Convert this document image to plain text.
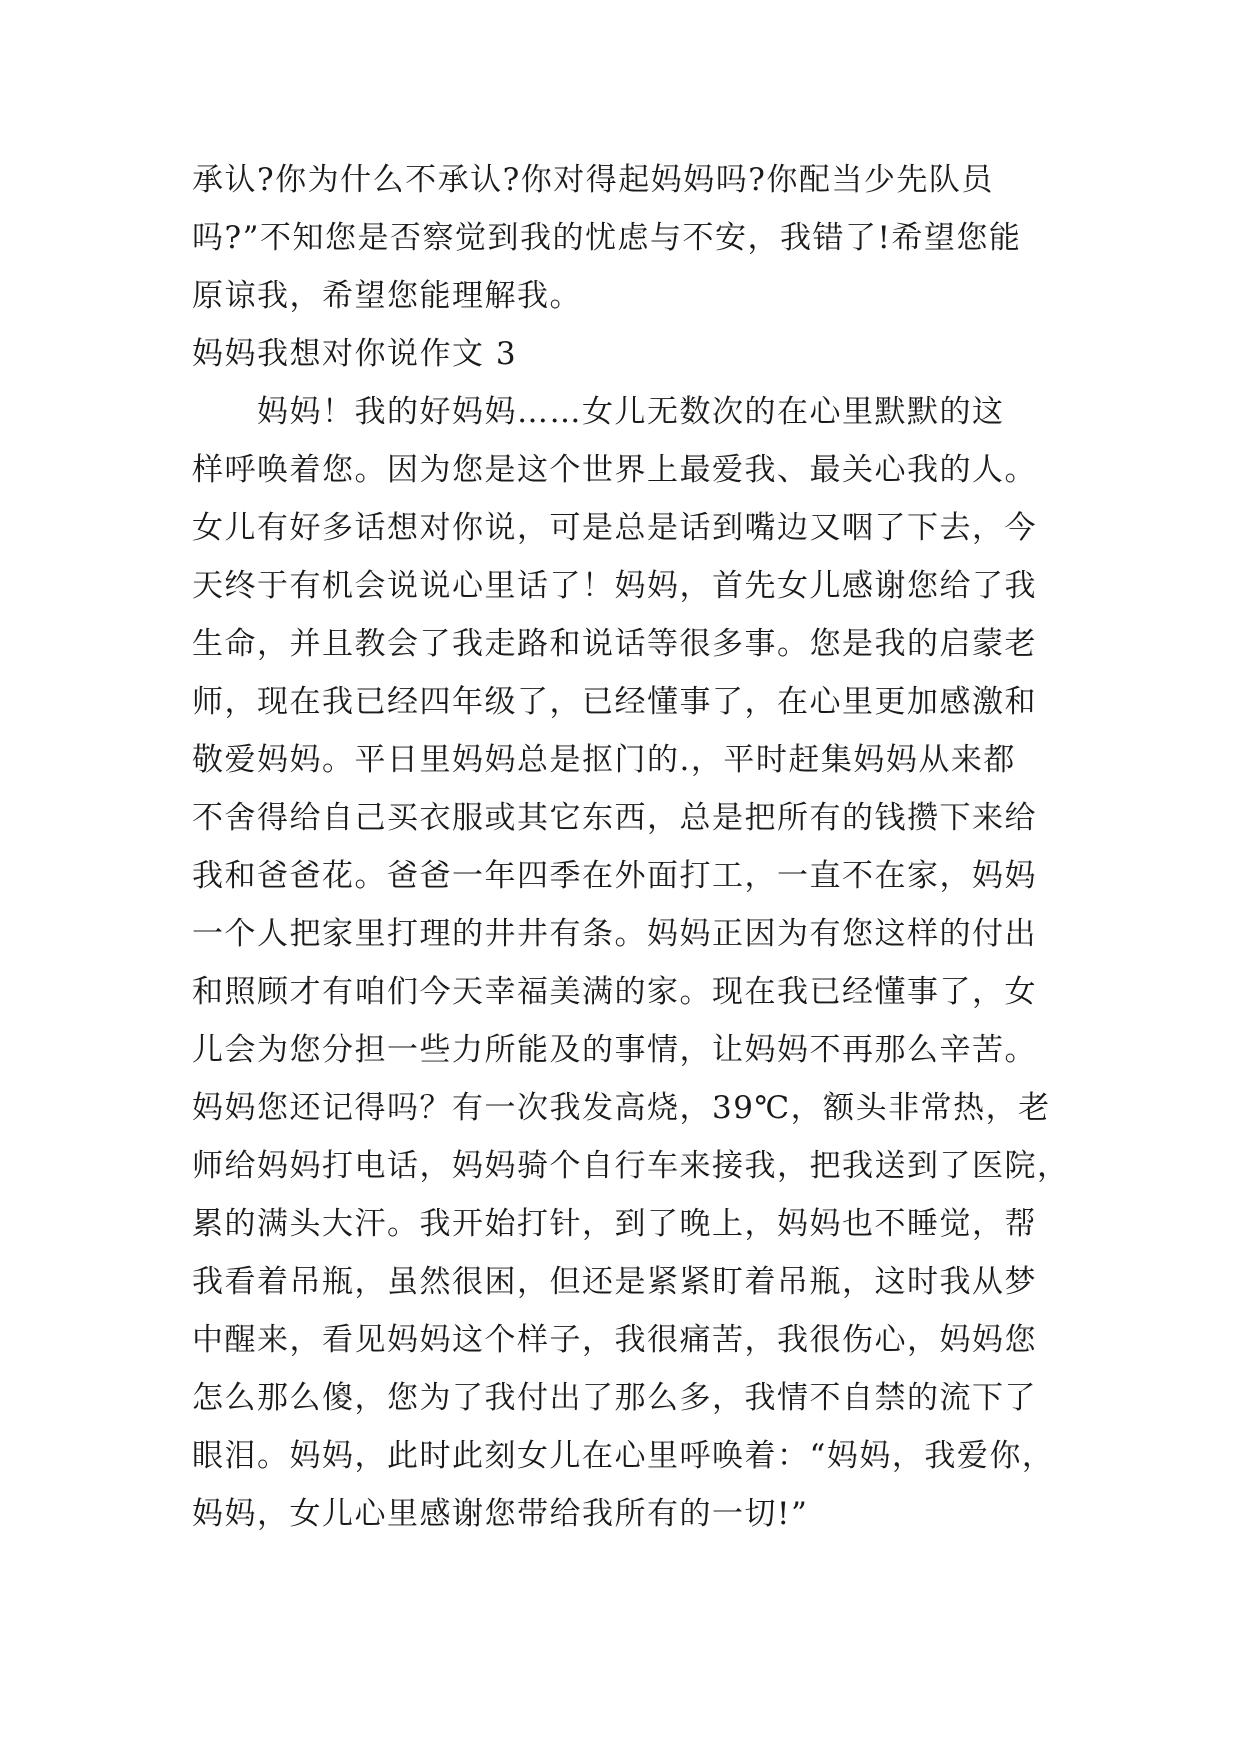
承认?你为什么不承认?你对得起妈妈吗?你配当少先队员
吗?”不知您是否察觉到我的忧虑与不安，我错了!希望您能
原谅我，希望您能理解我。
妈妈我想对你说作文 3
　　妈妈！我的好妈妈……女儿无数次的在心里默默的这
样呼唤着您。因为您是这个世界上最爱我、最关心我的人。
女儿有好多话想对你说，可是总是话到嘴边又咽了下去，今
天终于有机会说说心里话了！妈妈，首先女儿感谢您给了我
生命，并且教会了我走路和说话等很多事。您是我的启蒙老
师，现在我已经四年级了，已经懂事了，在心里更加感激和
敬爱妈妈。平日里妈妈总是抠门的.，平时赶集妈妈从来都
不舍得给自己买衣服或其它东西，总是把所有的钱攒下来给
我和爸爸花。爸爸一年四季在外面打工，一直不在家，妈妈
一个人把家里打理的井井有条。妈妈正因为有您这样的付出
和照顾才有咱们今天幸福美满的家。现在我已经懂事了，女
儿会为您分担一些力所能及的事情，让妈妈不再那么辛苦。
妈妈您还记得吗？有一次我发高烧，39℃，额头非常热，老
师给妈妈打电话，妈妈骑个自行车来接我，把我送到了医院，
累的满头大汗。我开始打针，到了晚上，妈妈也不睡觉，帮
我看着吊瓶，虽然很困，但还是紧紧盯着吊瓶，这时我从梦
中醒来，看见妈妈这个样子，我很痛苦，我很伤心，妈妈您
怎么那么傻，您为了我付出了那么多，我情不自禁的流下了
眼泪。妈妈，此时此刻女儿在心里呼唤着：“妈妈，我爱你，
妈妈，女儿心里感谢您带给我所有的一切!”
